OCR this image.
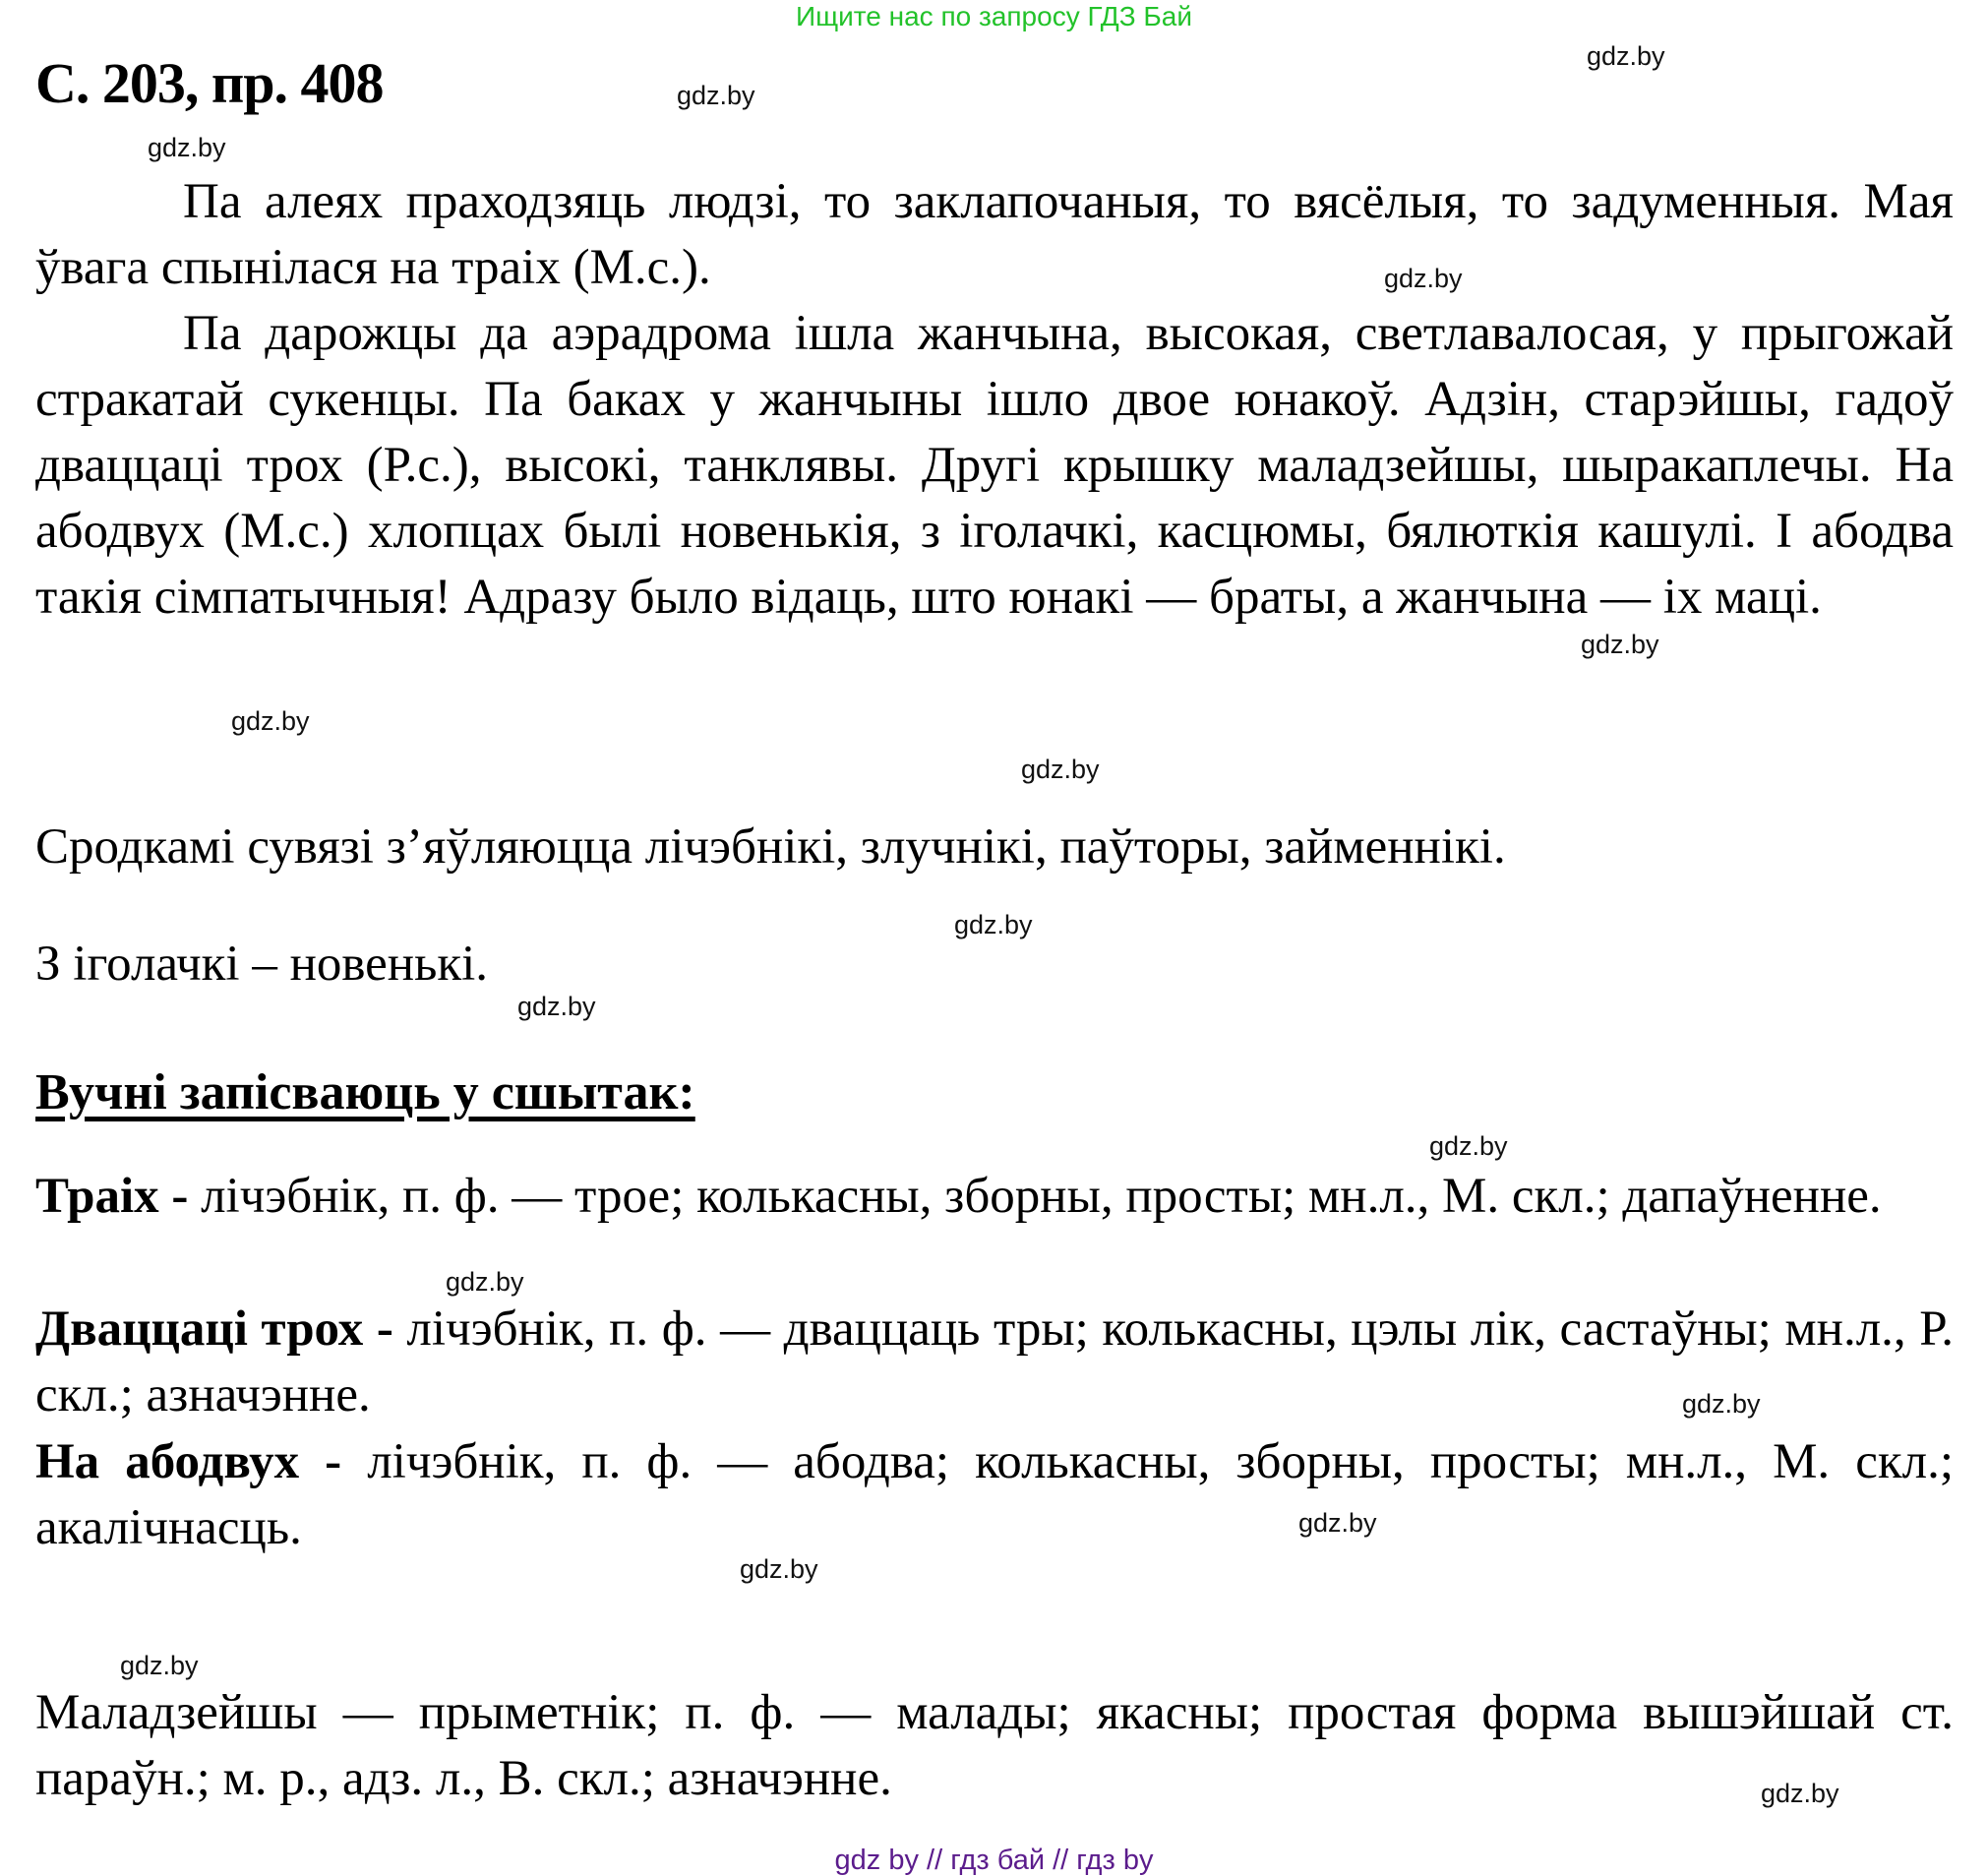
Ищите нас по запросу ГДЗ Бай
С. 203, пр. 408

Па алеях праходзяць людзі, то заклапочаныя, то вясёлыя, то задуменныя. Мая ўвага спынілася на траіх (М.с.).

Па дарожцы да аэрадрома ішла жанчына, высокая, светлавалосая, у прыгожай стракатай сукенцы. Па баках у жанчыны ішло двое юнакоў. Адзін, старэйшы, гадоў дваццаці трох (Р.с.), высокі, танклявы. Другі крышку маладзейшы, шыракаплечы. На абодвух (М.с.) хлопцах былі новенькія, з іголачкі, касцюмы, бялюткія кашулі. І абодва такія сімпатычныя! Адразу было відаць, што юнакі — браты, а жанчына — іх маці.

Сродкамі сувязі з’яўляюцца лічэбнікі, злучнікі, паўторы, займеннікі.
З іголачкі – новенькі.
Вучні запісваюць у сшытак:
Траіх - лічэбнік, п. ф. — трое; колькасны, зборны, просты; мн.л., М. скл.; дапаўненне.
Дваццаці трох - лічэбнік, п. ф. — дваццаць тры; колькасны, цэлы лік, састаўны; мн.л., Р. скл.; азначэнне.
На абодвух - лічэбнік, п. ф. — абодва; колькасны, зборны, просты; мн.л., М. скл.; акалічнасць.
Маладзейшы — прыметнік; п. ф. — малады; якасны; простая форма вышэйшай ст. параўн.; м. р., адз. л., В. скл.; азначэнне.
gdz.by
gdz.by
gdz.by
gdz.by
gdz.by
gdz.by
gdz.by
gdz.by
gdz.by
gdz.by
gdz.by
gdz.by
gdz.by
gdz.by
gdz.by
gdz.by
gdz by // гдз бай // гдз by
